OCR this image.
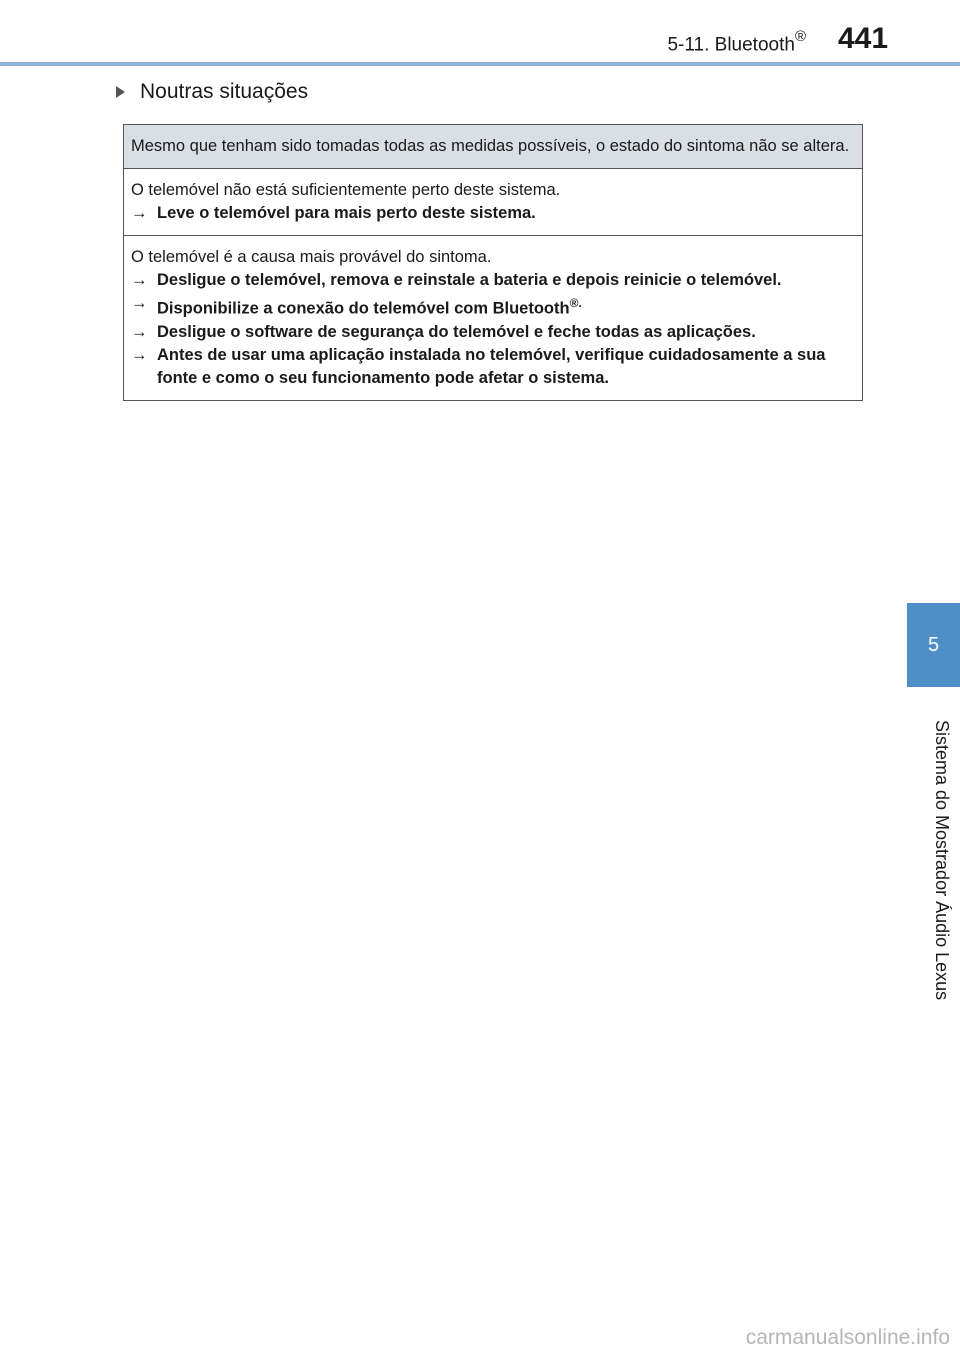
5-11. Bluetooth® 441
Noutras situações
Mesmo que tenham sido tomadas todas as medidas possíveis, o estado do sintoma não se altera.
O telemóvel não está suficientemente perto deste sistema.
→ Leve o telemóvel para mais perto deste sistema.
O telemóvel é a causa mais provável do sintoma.
→ Desligue o telemóvel, remova e reinstale a bateria e depois reinicie o telemóvel.
→ Disponibilize a conexão do telemóvel com Bluetooth®.
→ Desligue o software de segurança do telemóvel e feche todas as aplicações.
→ Antes de usar uma aplicação instalada no telemóvel, verifique cuidadosamente a sua fonte e como o seu funcionamento pode afetar o sistema.
5
Sistema do Mostrador Áudio Lexus
carmanualsonline.info
